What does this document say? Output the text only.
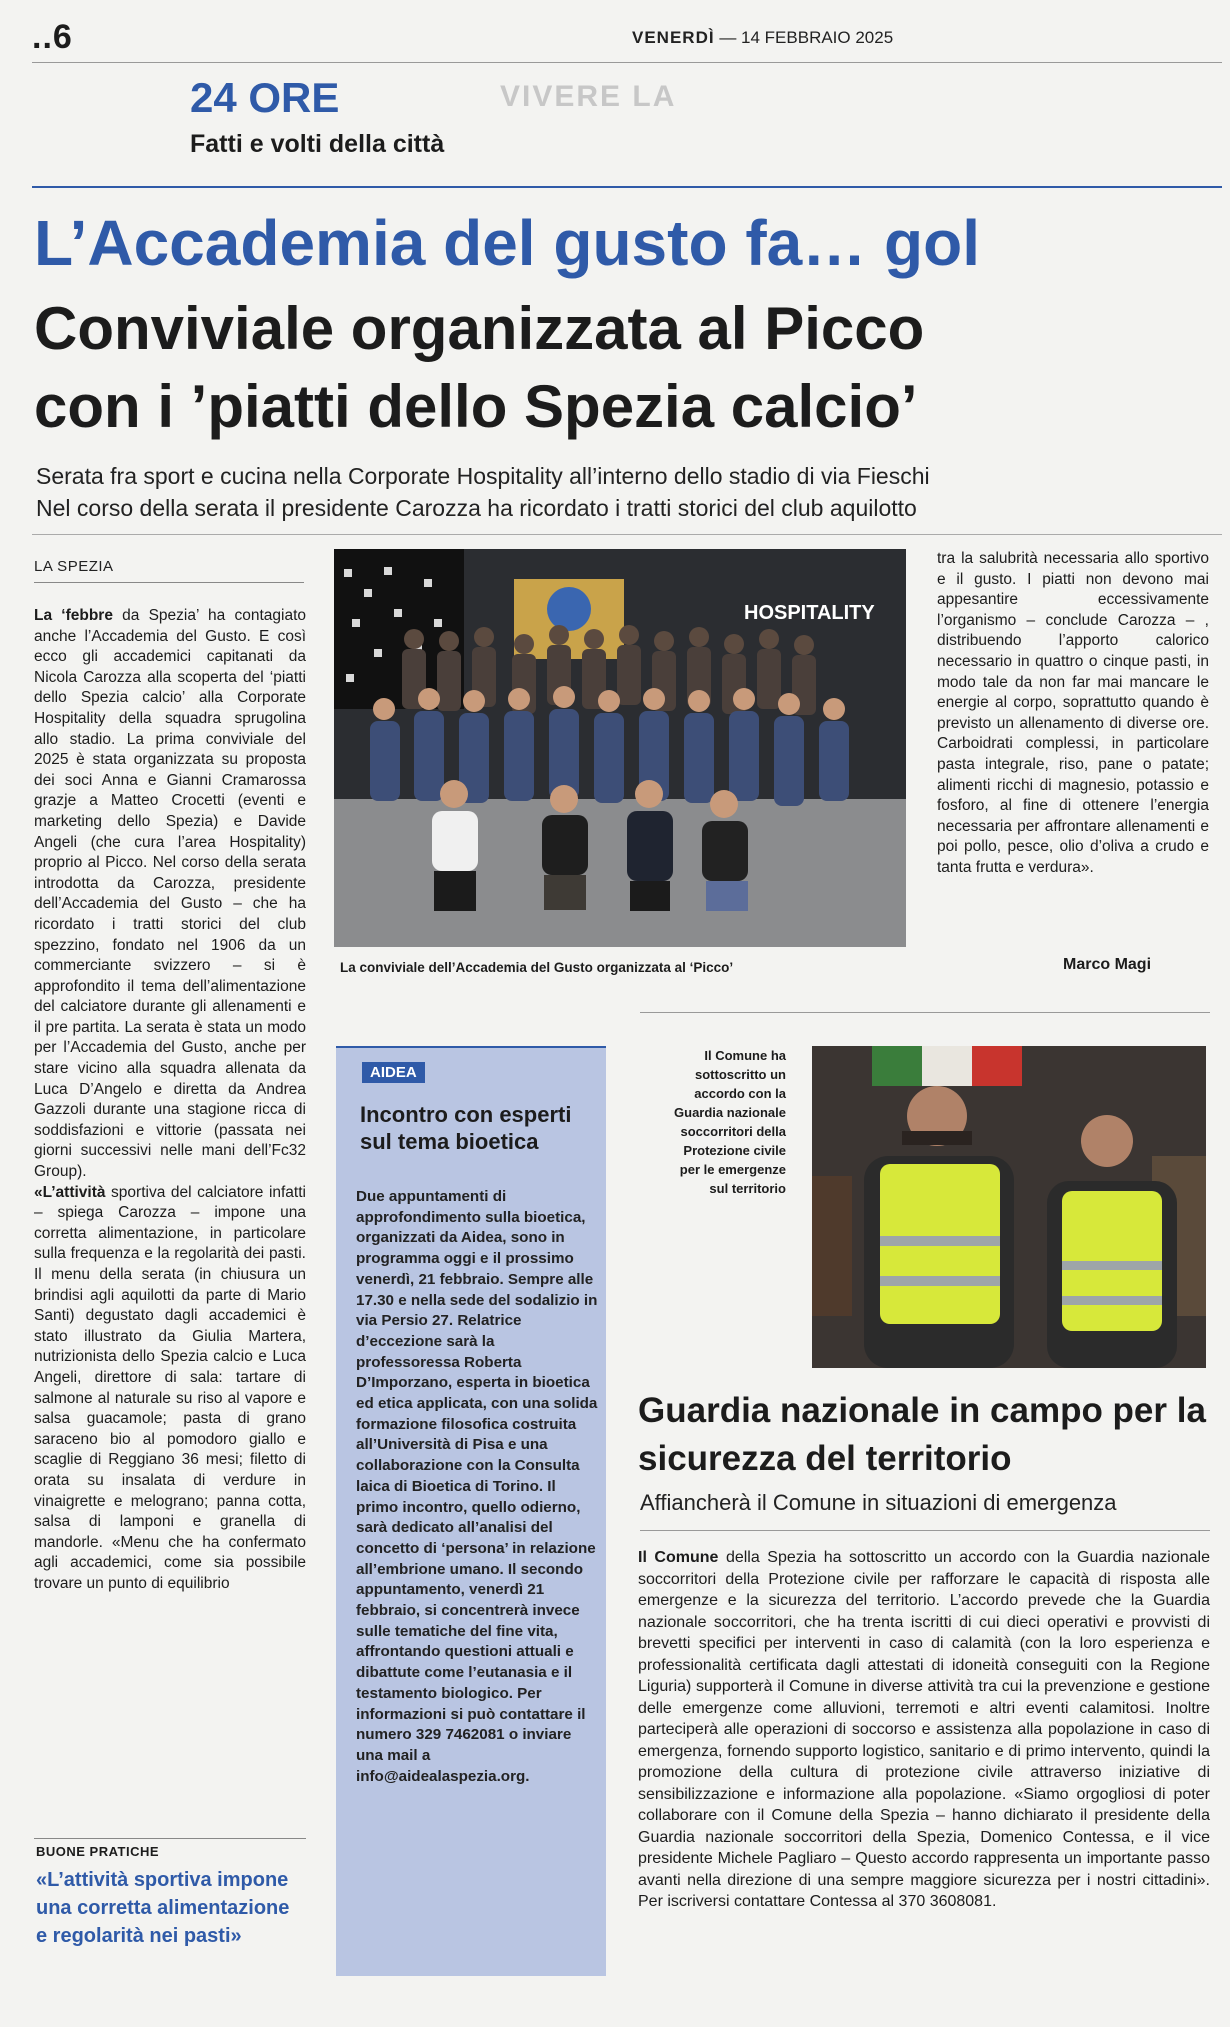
..6	VENERDÌ — 14 FEBBRAIO 2025
VIVERE LA
24 ORE
Fatti e volti della città
L’Accademia del gusto fa… gol
Conviviale organizzata al Picco
con i ’piatti dello Spezia calcio’
Serata fra sport e cucina nella Corporate Hospitality all’interno dello stadio di via Fieschi
Nel corso della serata il presidente Carozza ha ricordato i tratti storici del club aquilotto
LA SPEZIA

La ‘febbre da Spezia’ ha contagiato anche l’Accademia del Gusto. E così ecco gli accademici capitanati da Nicola Carozza alla scoperta del ‘piatti dello Spezia calcio’ alla Corporate Hospitality della squadra sprugolina allo stadio. La prima conviviale del 2025 è stata organizzata su proposta dei soci Anna e Gianni Cramarossa grazje a Matteo Crocetti (eventi e marketing dello Spezia) e Davide Angeli (che cura l’area Hospitality) proprio al Picco. Nel corso della serata introdotta da Carozza, presidente dell’Accademia del Gusto – che ha ricordato i tratti storici del club spezzino, fondato nel 1906 da un commerciante svizzero – si è approfondito il tema dell’alimentazione del calciatore durante gli allenamenti e il pre partita. La serata è stata un modo per l’Accademia del Gusto, anche per stare vicino alla squadra allenata da Luca D’Angelo e diretta da Andrea Gazzoli durante una stagione ricca di soddisfazioni e vittorie (passata nei giorni successivi nelle mani dell’Fc32 Group).

«L’attività sportiva del calciatore infatti – spiega Carozza – impone una corretta alimentazione, in particolare sulla frequenza e la regolarità dei pasti. Il menu della serata (in chiusura un brindisi agli aquilotti da parte di Mario Santi) degustato dagli accademici è stato illustrato da Giulia Martera, nutrizionista dello Spezia calcio e Luca Angeli, direttore di sala: tartare di salmone al naturale su riso al vapore e salsa guacamole; pasta di grano saraceno bio al pomodoro giallo e scaglie di Reggiano 36 mesi; filetto di orata su insalata di verdure in vinaigrette e melograno; panna cotta, salsa di lamponi e granella di mandorle. «Menu che ha confermato agli accademici, come sia possibile trovare un punto di equilibrio

HOSPITALITY
La conviviale dell’Accademia del Gusto organizzata al ‘Picco’
tra la salubrità necessaria allo sportivo e il gusto. I piatti non devono mai appesantire eccessivamente l’organismo – conclude Carozza – , distribuendo l’apporto calorico necessario in quattro o cinque pasti, in modo tale da non far mai mancare le energie al corpo, soprattutto quando è previsto un allenamento di diverse ore. Carboidrati complessi, in particolare pasta integrale, riso, pane o patate; alimenti ricchi di magnesio, potassio e fosforo, al fine di ottenere l’energia necessaria per affrontare allenamenti e poi pollo, pesce, olio d’oliva a crudo e tanta frutta e verdura».
Marco Magi
AIDEA
Incontro con esperti sul tema bioetica
Due appuntamenti di approfondimento sulla bioetica, organizzati da Aidea, sono in programma oggi e il prossimo venerdì, 21 febbraio. Sempre alle 17.30 e nella sede del sodalizio in via Persio 27. Relatrice d’eccezione sarà la professoressa Roberta D’Imporzano, esperta in bioetica ed etica applicata, con una solida formazione filosofica costruita all’Università di Pisa e una collaborazione con la Consulta laica di Bioetica di Torino. Il primo incontro, quello odierno, sarà dedicato all’analisi del concetto di ‘persona’ in relazione all’embrione umano. Il secondo appuntamento, venerdì 21 febbraio, si concentrerà invece sulle tematiche del fine vita, affrontando questioni attuali e dibattute come l’eutanasia e il testamento biologico. Per informazioni si può contattare il numero 329 7462081 o inviare una mail a info@aidealaspezia.org.
BUONE PRATICHE
«L’attività sportiva impone una corretta alimentazione e regolarità nei pasti»
Il Comune ha sottoscritto un accordo con la Guardia nazionale soccorritori della Protezione civile per le emergenze sul territorio
Guardia nazionale in campo per la sicurezza del territorio
Affiancherà il Comune in situazioni di emergenza
Il Comune della Spezia ha sottoscritto un accordo con la Guardia nazionale soccorritori della Protezione civile per rafforzare le capacità di risposta alle emergenze e la sicurezza del territorio. L’accordo prevede che la Guardia nazionale soccorritori, che ha trenta iscritti di cui dieci operativi e provvisti di brevetti specifici per interventi in caso di calamità (con la loro esperienza e professionalità certificata dagli attestati di idoneità conseguiti con la Regione Liguria) supporterà il Comune in diverse attività tra cui la prevenzione e gestione delle emergenze come alluvioni, terremoti e altri eventi calamitosi. Inoltre parteciperà alle operazioni di soccorso e assistenza alla popolazione in caso di emergenza, fornendo supporto logistico, sanitario e di primo intervento, quindi la promozione della cultura di protezione civile attraverso iniziative di sensibilizzazione e informazione alla popolazione. «Siamo orgogliosi di poter collaborare con il Comune della Spezia – hanno dichiarato il presidente della Guardia nazionale soccorritori della Spezia, Domenico Contessa, e il vice presidente Michele Pagliaro – Questo accordo rappresenta un importante passo avanti nella direzione di una sempre maggiore sicurezza per i nostri cittadini». Per iscriversi contattare Contessa al 370 3608081.
